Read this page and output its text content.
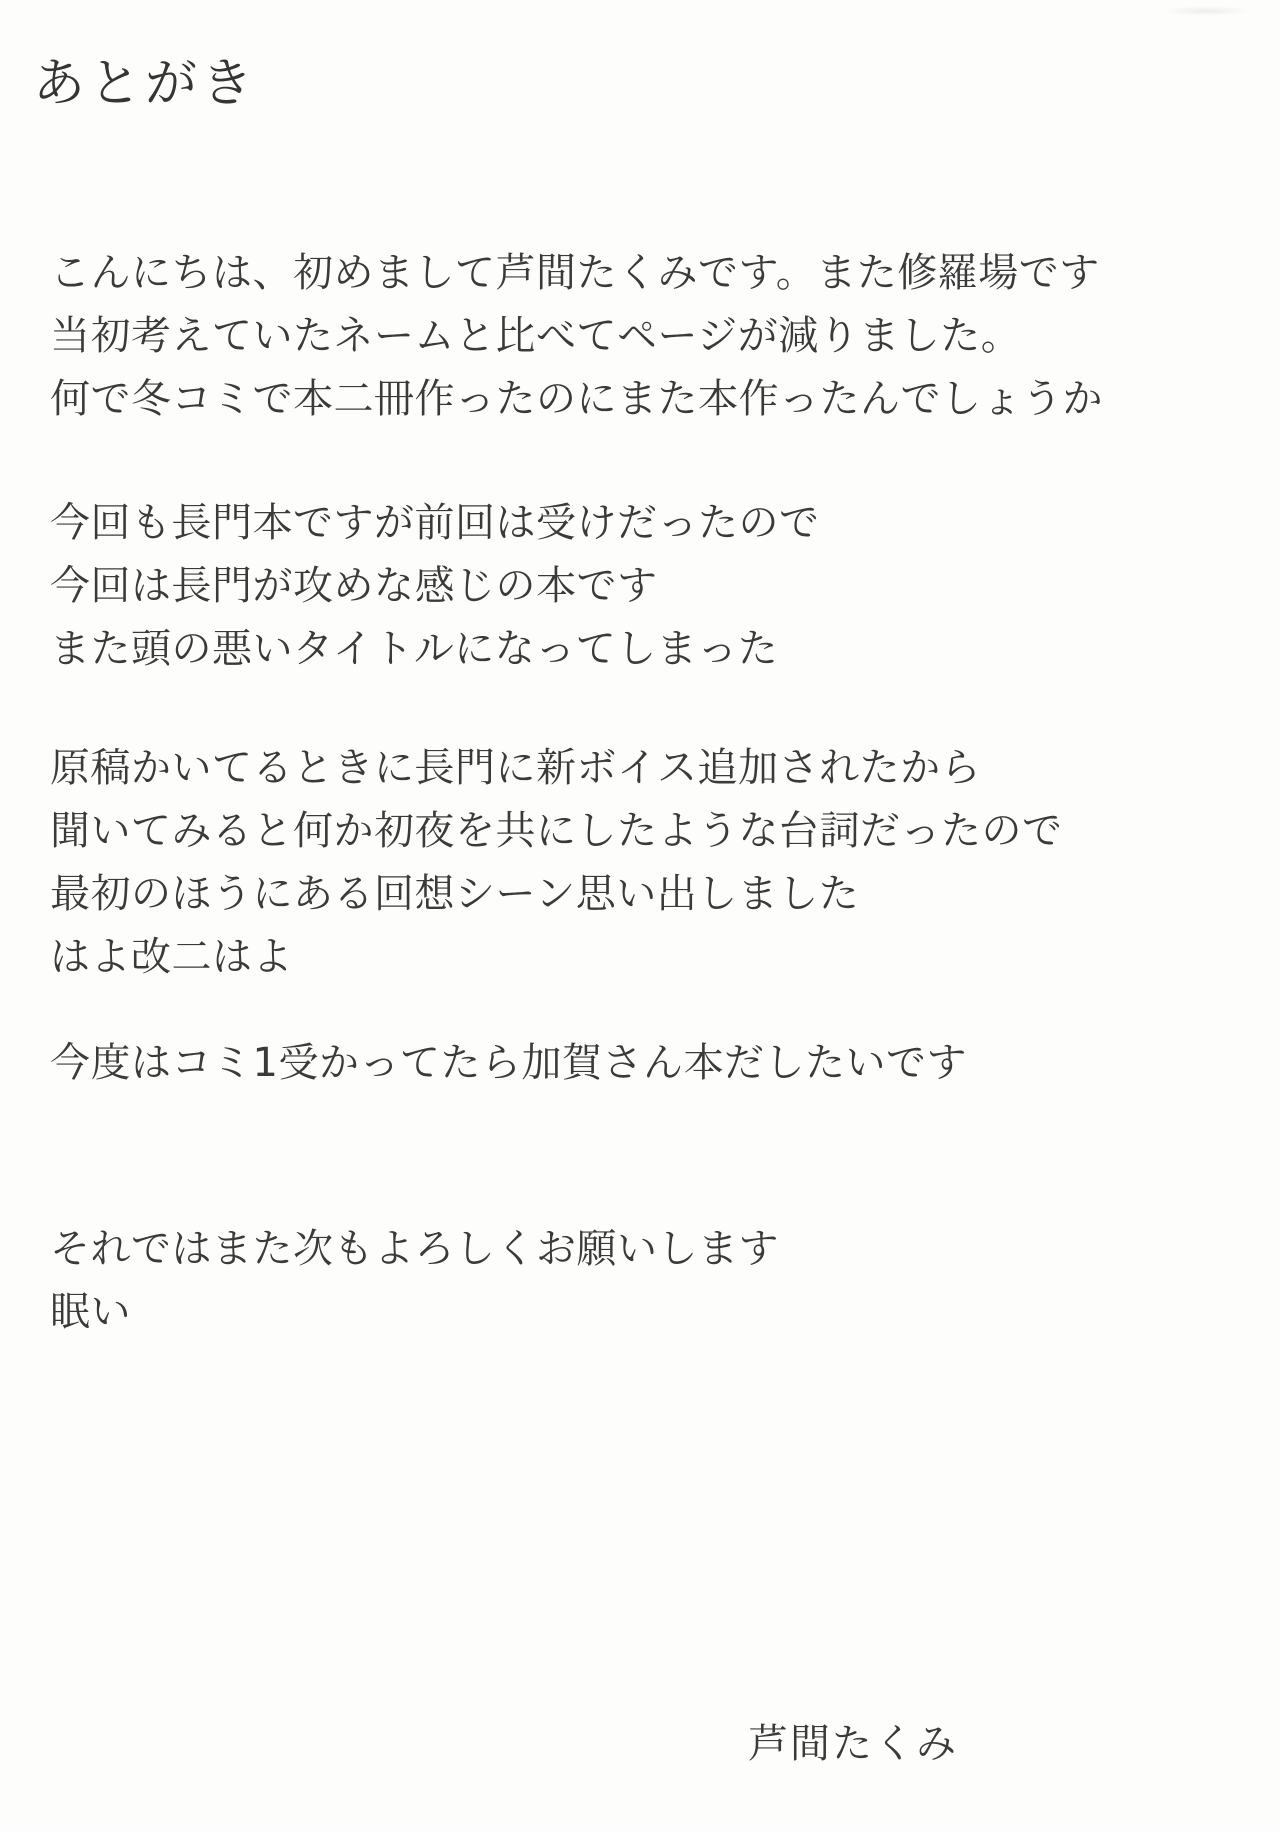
あとがき
こんにちは、初めまして芦間たくみです。また修羅場です
当初考えていたネームと比べてページが減りました。
何で冬コミで本二冊作ったのにまた本作ったんでしょうか
今回も長門本ですが前回は受けだったので
今回は長門が攻めな感じの本です
また頭の悪いタイトルになってしまった
原稿かいてるときに長門に新ボイス追加されたから
聞いてみると何か初夜を共にしたような台詞だったので
最初のほうにある回想シーン思い出しました
はよ改二はよ
今度はコミ1受かってたら加賀さん本だしたいです
それではまた次もよろしくお願いします
眠い
芦間たくみ
